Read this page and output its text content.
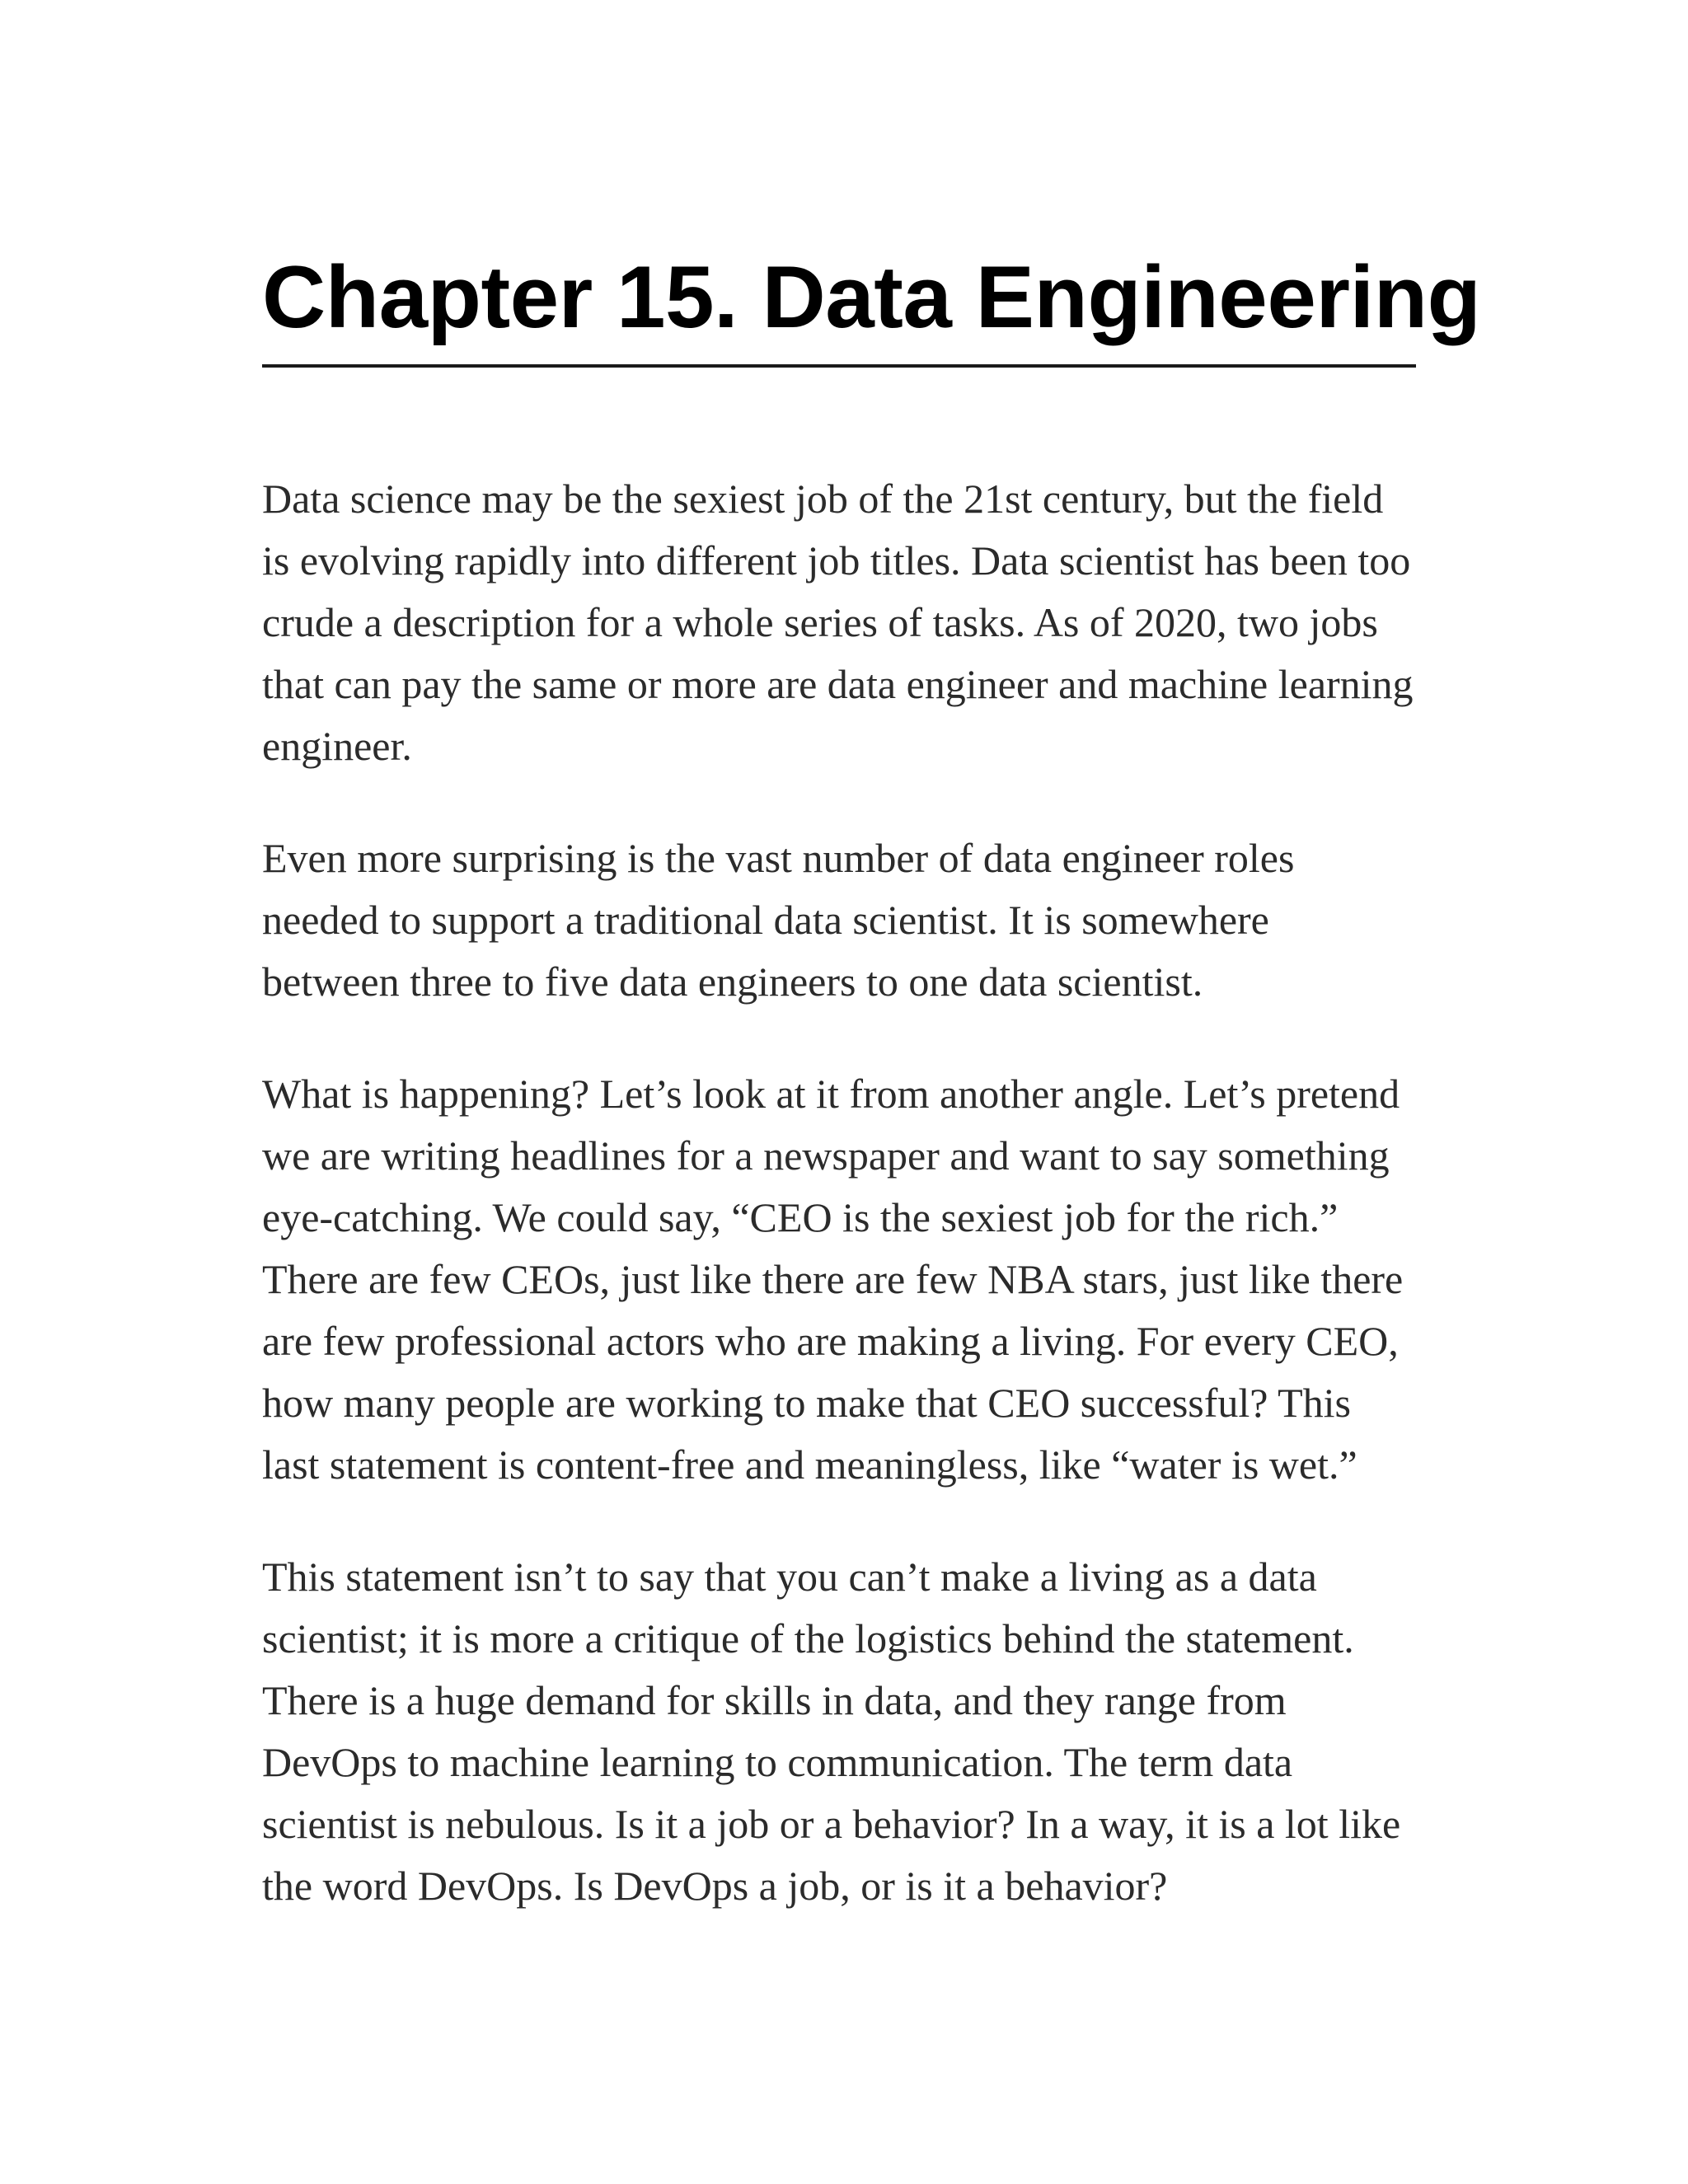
Chapter 15. Data Engineering

Data science may be the sexiest job of the 21st century, but the field is evolving rapidly into different job titles. Data scientist has been too crude a description for a whole series of tasks. As of 2020, two jobs that can pay the same or more are data engineer and machine learning engineer.

Even more surprising is the vast number of data engineer roles needed to support a traditional data scientist. It is somewhere between three to five data engineers to one data scientist.

What is happening? Let’s look at it from another angle. Let’s pretend we are writing headlines for a newspaper and want to say something eye-catching. We could say, “CEO is the sexiest job for the rich.” There are few CEOs, just like there are few NBA stars, just like there are few professional actors who are making a living. For every CEO, how many people are working to make that CEO successful? This last statement is content-free and meaningless, like “water is wet.”

This statement isn’t to say that you can’t make a living as a data scientist; it is more a critique of the logistics behind the statement. There is a huge demand for skills in data, and they range from DevOps to machine learning to communication. The term data scientist is nebulous. Is it a job or a behavior? In a way, it is a lot like the word DevOps. Is DevOps a job, or is it a behavior?
